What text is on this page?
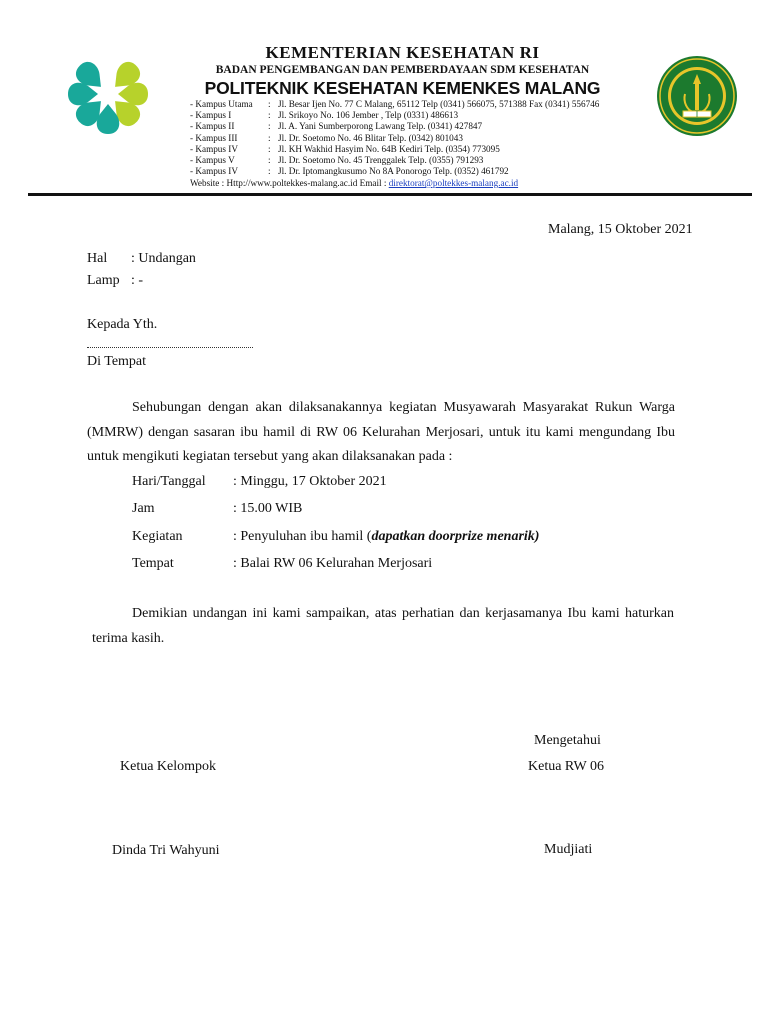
KEMENTERIAN KESEHATAN RI
BADAN PENGEMBANGAN DAN PEMBERDAYAAN SDM KESEHATAN
POLITEKNIK KESEHATAN KEMENKES MALANG
- Kampus Utama	: Jl. Besar Ijen No. 77 C Malang, 65112 Telp (0341) 566075, 571388 Fax (0341) 556746
- Kampus I	: Jl. Srikoyo No. 106 Jember , Telp (0331) 486613
- Kampus II	: Jl. A. Yani Sumberporong Lawang Telp. (0341) 427847
- Kampus III	: Jl. Dr. Soetomo No. 46 Blitar Telp. (0342) 801043
- Kampus IV	: Jl. KH Wakhid Hasyim No. 64B Kediri Telp. (0354) 773095
- Kampus V	: Jl. Dr. Soetomo No. 45 Trenggalek Telp. (0355) 791293
- Kampus IV	: Jl. Dr. Iptomangkusumo No 8A Ponorogo Telp. (0352) 461792
Website : Http://www.poltekkes-malang.ac.id Email : direktorat@poltekkes-malang.ac.id
Malang, 15 Oktober 2021
Hal : Undangan
Lamp : -
Kepada Yth.
Di Tempat
Sehubungan dengan akan dilaksanakannya kegiatan Musyawarah Masyarakat Rukun Warga (MMRW) dengan sasaran ibu hamil di RW 06 Kelurahan Merjosari, untuk itu kami mengundang Ibu untuk mengikuti kegiatan tersebut yang akan dilaksanakan pada :
Hari/Tanggal : Minggu, 17 Oktober 2021
Jam	: 15.00 WIB
Kegiatan	: Penyuluhan ibu hamil (dapatkan doorprize menarik)
Tempat	: Balai RW 06 Kelurahan Merjosari
Demikian undangan ini kami sampaikan, atas perhatian dan kerjasamanya Ibu kami haturkan terima kasih.
Mengetahui
Ketua Kelompok	Ketua RW 06
Dinda Tri Wahyuni	Mudjiati
